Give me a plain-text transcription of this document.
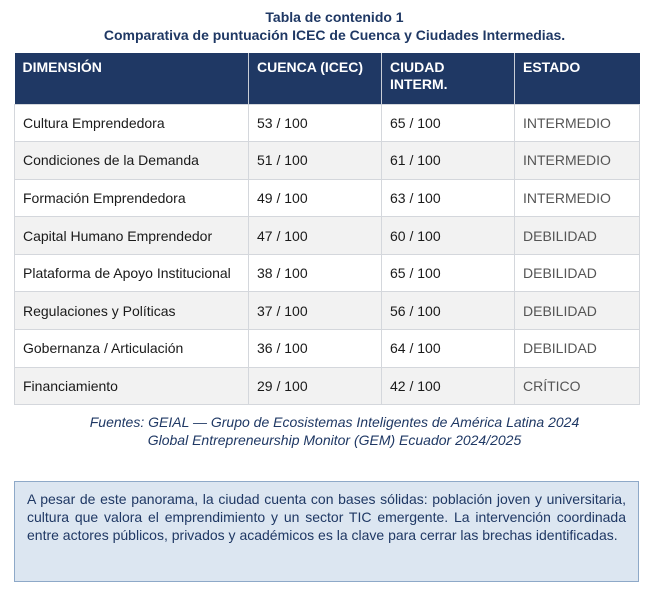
Tabla de contenido 1
Comparativa de puntuación ICEC de Cuenca y Ciudades Intermedias.
DIMENSIÓN	CUENCA (ICEC)	CIUDAD INTERM.	ESTADO
Cultura Emprendedora	53 / 100	65 / 100	INTERMEDIO
Condiciones de la Demanda	51 / 100	61 / 100	INTERMEDIO
Formación Emprendedora	49 / 100	63 / 100	INTERMEDIO
Capital Humano Emprendedor	47 / 100	60 / 100	DEBILIDAD
Plataforma de Apoyo Institucional	38 / 100	65 / 100	DEBILIDAD
Regulaciones y Políticas	37 / 100	56 / 100	DEBILIDAD
Gobernanza / Articulación	36 / 100	64 / 100	DEBILIDAD
Financiamiento	29 / 100	42 / 100	CRÍTICO
Fuentes: GEIAL — Grupo de Ecosistemas Inteligentes de América Latina 2024
Global Entrepreneurship Monitor (GEM) Ecuador 2024/2025
A pesar de este panorama, la ciudad cuenta con bases sólidas: población joven y universitaria, cultura que valora el emprendimiento y un sector TIC emergente. La intervención coordinada entre actores públicos, privados y académicos es la clave para cerrar las brechas identificadas.
